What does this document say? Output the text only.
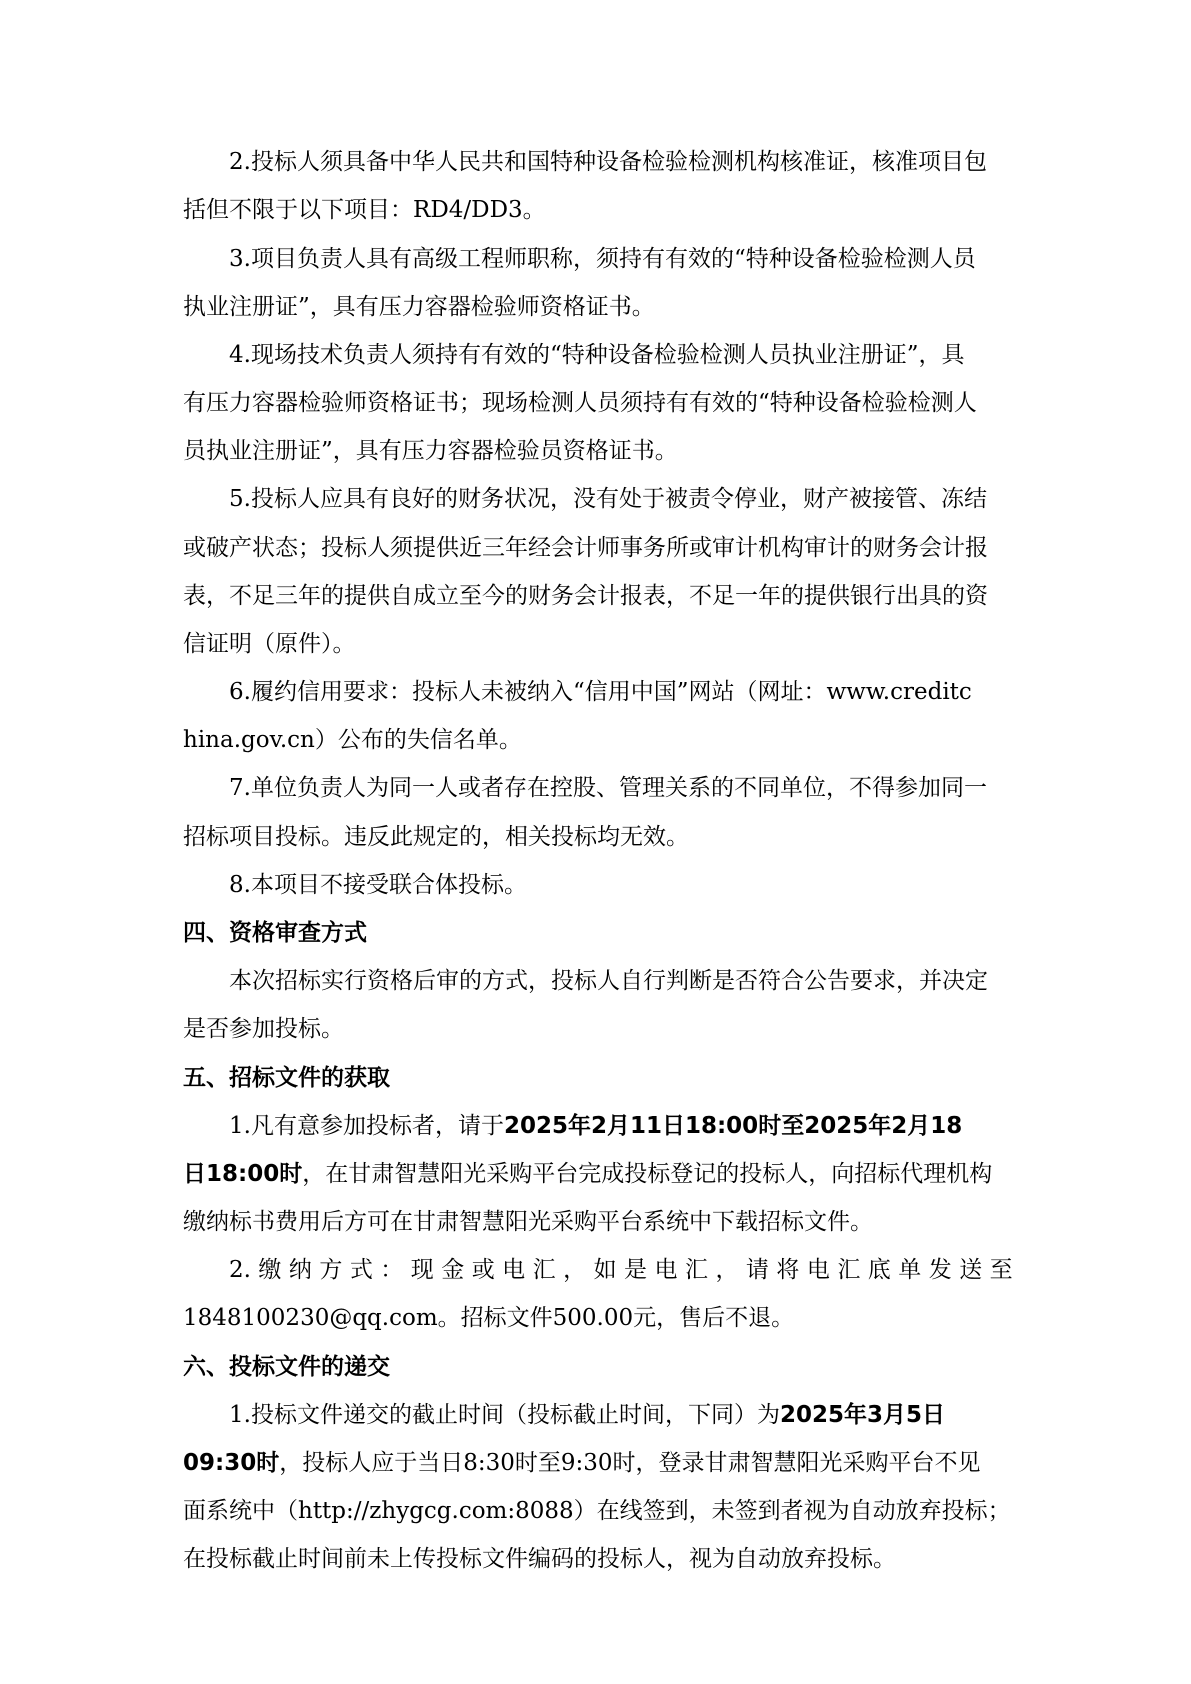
2.投标人须具备中华人民共和国特种设备检验检测机构核准证，核准项目包
括但不限于以下项目：RD4/DD3。
3.项目负责人具有高级工程师职称，须持有有效的“特种设备检验检测人员
执业注册证”，具有压力容器检验师资格证书。
4.现场技术负责人须持有有效的“特种设备检验检测人员执业注册证”，具
有压力容器检验师资格证书；现场检测人员须持有有效的“特种设备检验检测人
员执业注册证”，具有压力容器检验员资格证书。
5.投标人应具有良好的财务状况，没有处于被责令停业，财产被接管、冻结
或破产状态；投标人须提供近三年经会计师事务所或审计机构审计的财务会计报
表，不足三年的提供自成立至今的财务会计报表，不足一年的提供银行出具的资
信证明（原件）。
6.履约信用要求：投标人未被纳入“信用中国”网站（网址：www.creditc
hina.gov.cn）公布的失信名单。
7.单位负责人为同一人或者存在控股、管理关系的不同单位，不得参加同一
招标项目投标。违反此规定的，相关投标均无效。
8.本项目不接受联合体投标。
四、资格审查方式
本次招标实行资格后审的方式，投标人自行判断是否符合公告要求，并决定
是否参加投标。
五、招标文件的获取
1.凡有意参加投标者，请于2025年2月11日18:00时至2025年2月18
日18:00时，在甘肃智慧阳光采购平台完成投标登记的投标人，向招标代理机构
缴纳标书费用后方可在甘肃智慧阳光采购平台系统中下载招标文件。
2. 缴 纳 方 式 ： 现 金 或 电 汇 ， 如 是 电 汇 ， 请 将 电 汇 底 单 发 送 至
1848100230@qq.com。招标文件500.00元，售后不退。
六、投标文件的递交
1.投标文件递交的截止时间（投标截止时间，下同）为2025年3月5日
09:30时，投标人应于当日8:30时至9:30时，登录甘肃智慧阳光采购平台不见
面系统中（http://zhygcg.com:8088）在线签到，未签到者视为自动放弃投标；
在投标截止时间前未上传投标文件编码的投标人，视为自动放弃投标。
